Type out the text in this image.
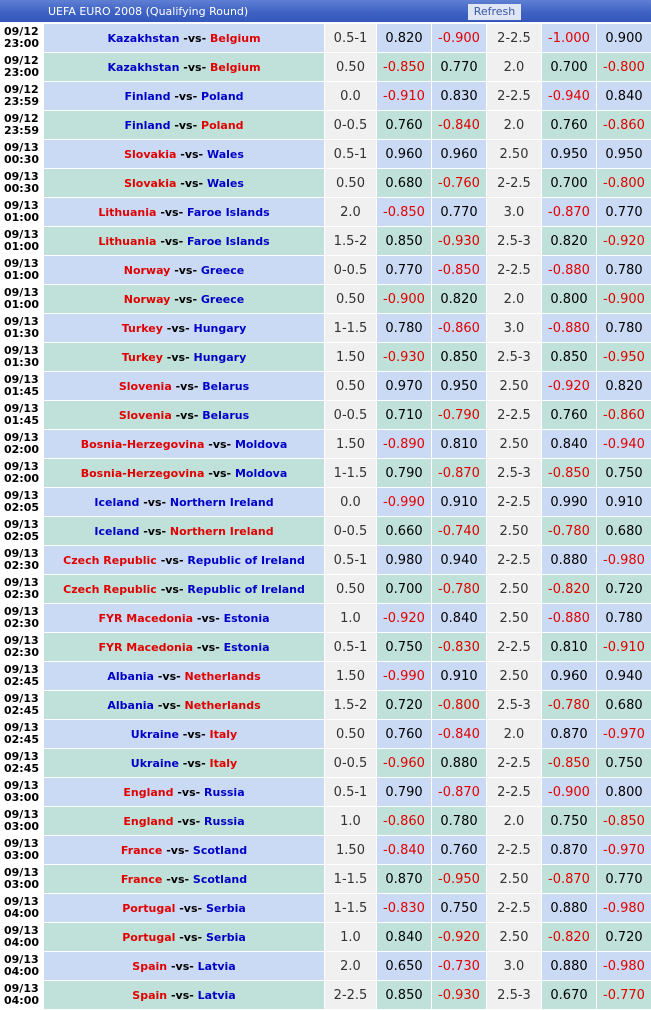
UEFA EURO 2008 (Qualifying Round)	Refresh
09/12
23:00	Kazakhstan -vs- Belgium	0.5-1	0.820	-0.900	2-2.5	-1.000	0.900
09/12
23:00	Kazakhstan -vs- Belgium	0.50	-0.850	0.770	2.0	0.700	-0.800
09/12
23:59	Finland -vs- Poland	0.0	-0.910	0.830	2-2.5	-0.940	0.840
09/12
23:59	Finland -vs- Poland	0-0.5	0.760	-0.840	2.0	0.760	-0.860
09/13
00:30	Slovakia -vs- Wales	0.5-1	0.960	0.960	2.50	0.950	0.950
09/13
00:30	Slovakia -vs- Wales	0.50	0.680	-0.760	2-2.5	0.700	-0.800
09/13
01:00	Lithuania -vs- Faroe Islands	2.0	-0.850	0.770	3.0	-0.870	0.770
09/13
01:00	Lithuania -vs- Faroe Islands	1.5-2	0.850	-0.930	2.5-3	0.820	-0.920
09/13
01:00	Norway -vs- Greece	0-0.5	0.770	-0.850	2-2.5	-0.880	0.780
09/13
01:00	Norway -vs- Greece	0.50	-0.900	0.820	2.0	0.800	-0.900
09/13
01:30	Turkey -vs- Hungary	1-1.5	0.780	-0.860	3.0	-0.880	0.780
09/13
01:30	Turkey -vs- Hungary	1.50	-0.930	0.850	2.5-3	0.850	-0.950
09/13
01:45	Slovenia -vs- Belarus	0.50	0.970	0.950	2.50	-0.920	0.820
09/13
01:45	Slovenia -vs- Belarus	0-0.5	0.710	-0.790	2-2.5	0.760	-0.860
09/13
02:00	Bosnia-Herzegovina -vs- Moldova	1.50	-0.890	0.810	2.50	0.840	-0.940
09/13
02:00	Bosnia-Herzegovina -vs- Moldova	1-1.5	0.790	-0.870	2.5-3	-0.850	0.750
09/13
02:05	Iceland -vs- Northern Ireland	0.0	-0.990	0.910	2-2.5	0.990	0.910
09/13
02:05	Iceland -vs- Northern Ireland	0-0.5	0.660	-0.740	2.50	-0.780	0.680
09/13
02:30	Czech Republic -vs- Republic of Ireland	0.5-1	0.980	0.940	2-2.5	0.880	-0.980
09/13
02:30	Czech Republic -vs- Republic of Ireland	0.50	0.700	-0.780	2.50	-0.820	0.720
09/13
02:30	FYR Macedonia -vs- Estonia	1.0	-0.920	0.840	2.50	-0.880	0.780
09/13
02:30	FYR Macedonia -vs- Estonia	0.5-1	0.750	-0.830	2-2.5	0.810	-0.910
09/13
02:45	Albania -vs- Netherlands	1.50	-0.990	0.910	2.50	0.960	0.940
09/13
02:45	Albania -vs- Netherlands	1.5-2	0.720	-0.800	2.5-3	-0.780	0.680
09/13
02:45	Ukraine -vs- Italy	0.50	0.760	-0.840	2.0	0.870	-0.970
09/13
02:45	Ukraine -vs- Italy	0-0.5	-0.960	0.880	2-2.5	-0.850	0.750
09/13
03:00	England -vs- Russia	0.5-1	0.790	-0.870	2-2.5	-0.900	0.800
09/13
03:00	England -vs- Russia	1.0	-0.860	0.780	2.0	0.750	-0.850
09/13
03:00	France -vs- Scotland	1.50	-0.840	0.760	2-2.5	0.870	-0.970
09/13
03:00	France -vs- Scotland	1-1.5	0.870	-0.950	2.50	-0.870	0.770
09/13
04:00	Portugal -vs- Serbia	1-1.5	-0.830	0.750	2-2.5	0.880	-0.980
09/13
04:00	Portugal -vs- Serbia	1.0	0.840	-0.920	2.50	-0.820	0.720
09/13
04:00	Spain -vs- Latvia	2.0	0.650	-0.730	3.0	0.880	-0.980
09/13
04:00	Spain -vs- Latvia	2-2.5	0.850	-0.930	2.5-3	0.670	-0.770
